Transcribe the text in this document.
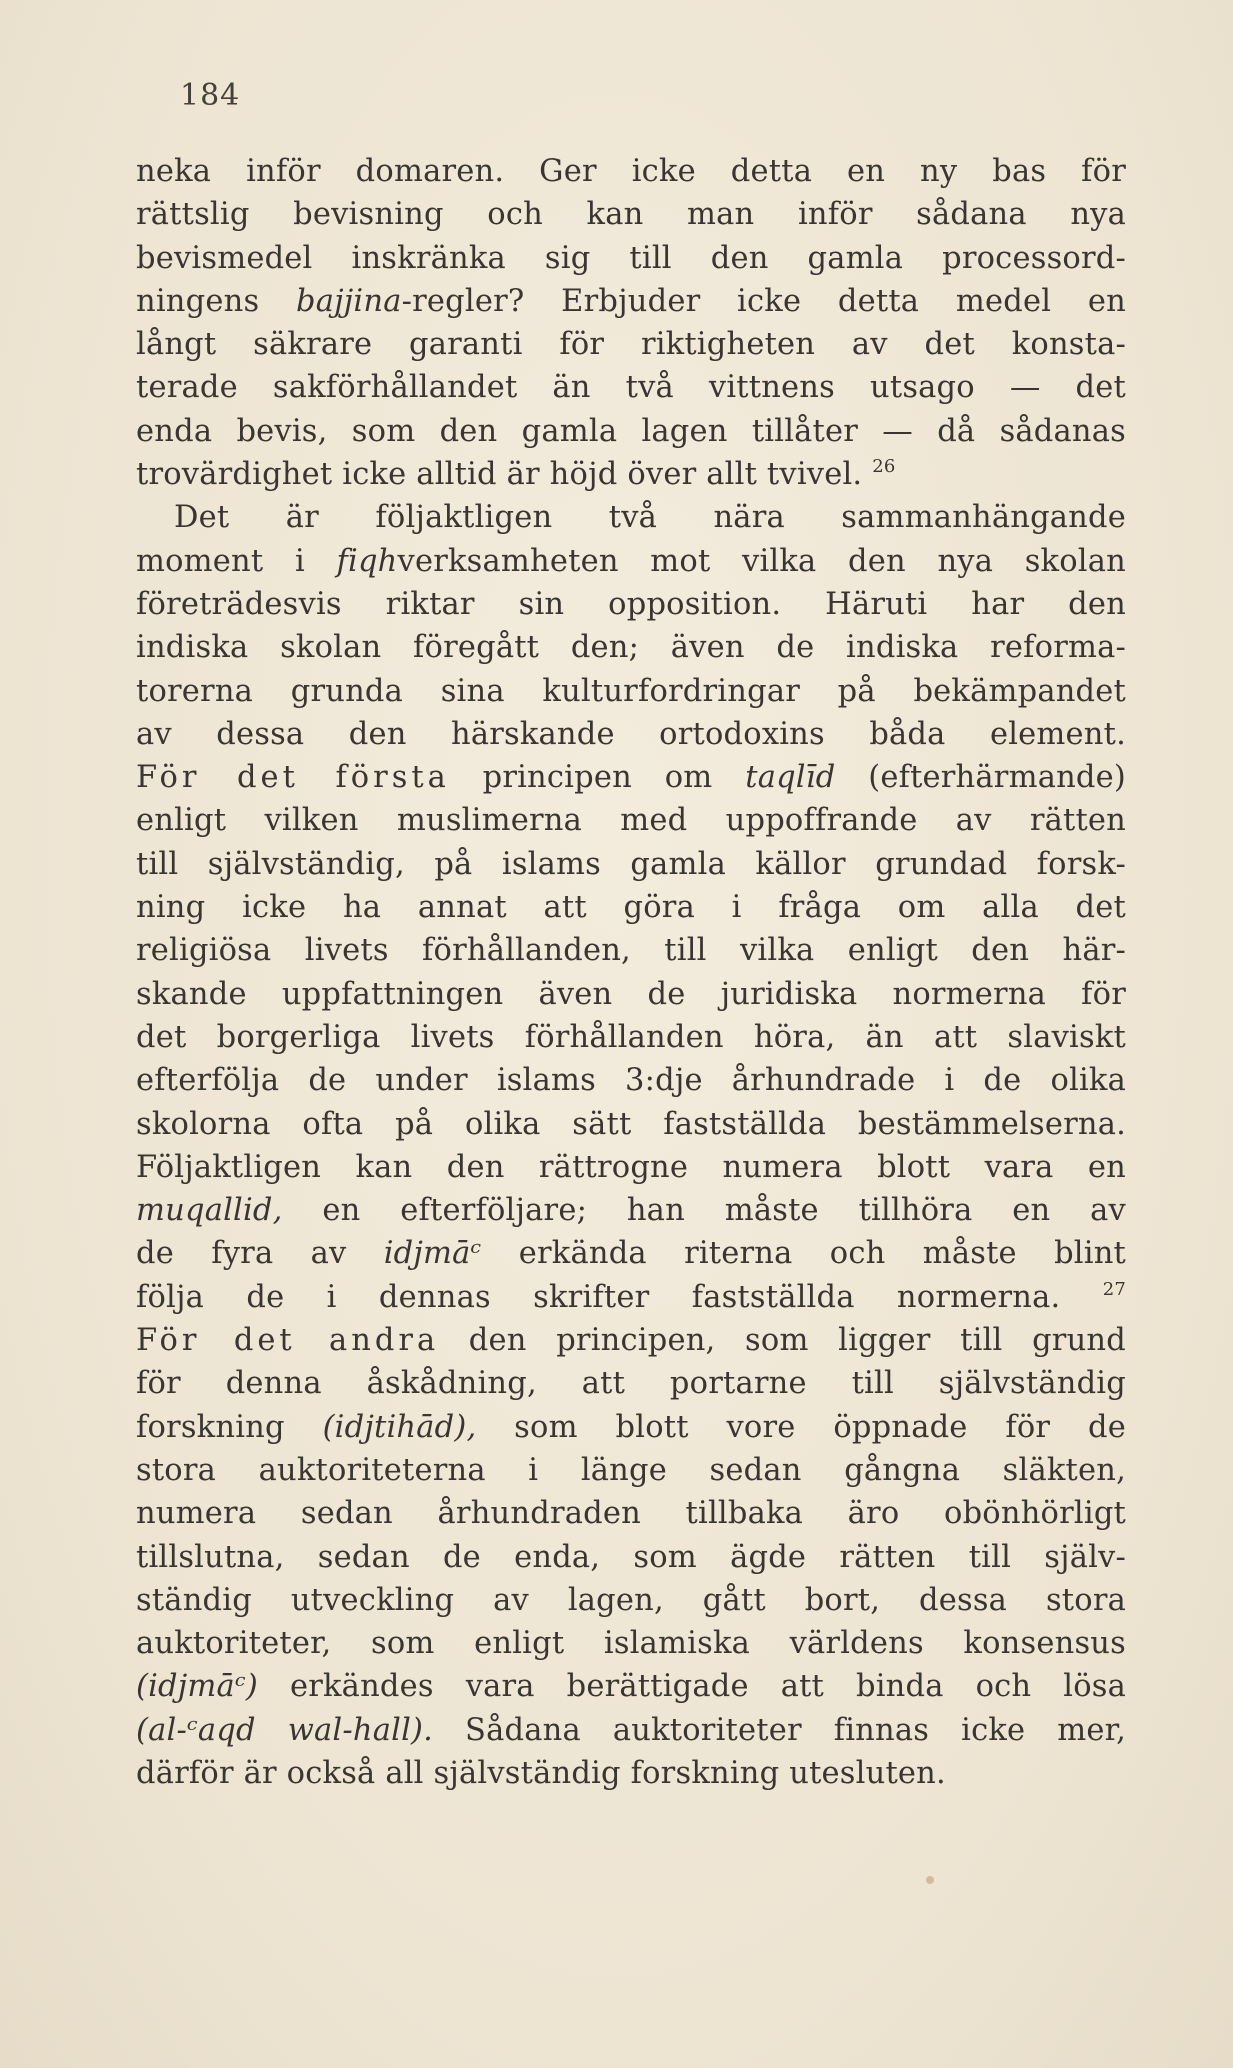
184
neka inför domaren. Ger icke detta en ny bas för
rättslig bevisning och kan man inför sådana nya
bevismedel inskränka sig till den gamla processord-
ningens bajjina-regler? Erbjuder icke detta medel en
långt säkrare garanti för riktigheten av det konsta-
terade sakförhållandet än två vittnens utsago — det
enda bevis, som den gamla lagen tillåter — då sådanas
trovärdighet icke alltid är höjd över allt tvivel. $^{26}$
Det är följaktligen två nära sammanhängande
moment i fiqhverksamheten mot vilka den nya skolan
företrädesvis riktar sin opposition. Häruti har den
indiska skolan föregått den; även de indiska reforma-
torerna grunda sina kulturfordringar på bekämpandet
av dessa den härskande ortodoxins båda element.
För det första principen om taqlīd (efterhärmande)
enligt vilken muslimerna med uppoffrande av rätten
till självständig, på islams gamla källor grundad forsk-
ning icke ha annat att göra i fråga om alla det
religiösa livets förhållanden, till vilka enligt den här-
skande uppfattningen även de juridiska normerna för
det borgerliga livets förhållanden höra, än att slaviskt
efterfölja de under islams 3:dje århundrade i de olika
skolorna ofta på olika sätt fastställda bestämmelserna.
Följaktligen kan den rättrogne numera blott vara en
muqallid, en efterföljare; han måste tillhöra en av
de fyra av idjmāᶜ erkända riterna och måste blint
följa de i dennas skrifter fastställda normerna. $^{27}$
För det andra den principen, som ligger till grund
för denna åskådning, att portarne till självständig
forskning (idjtihād), som blott vore öppnade för de
stora auktoriteterna i länge sedan gångna släkten,
numera sedan århundraden tillbaka äro obönhörligt
tillslutna, sedan de enda, som ägde rätten till själv-
ständig utveckling av lagen, gått bort, dessa stora
auktoriteter, som enligt islamiska världens konsensus
(idjmāᶜ) erkändes vara berättigade att binda och lösa
(al-ᶜaqd wal-hall). Sådana auktoriteter finnas icke mer,
därför är också all självständig forskning utesluten.
